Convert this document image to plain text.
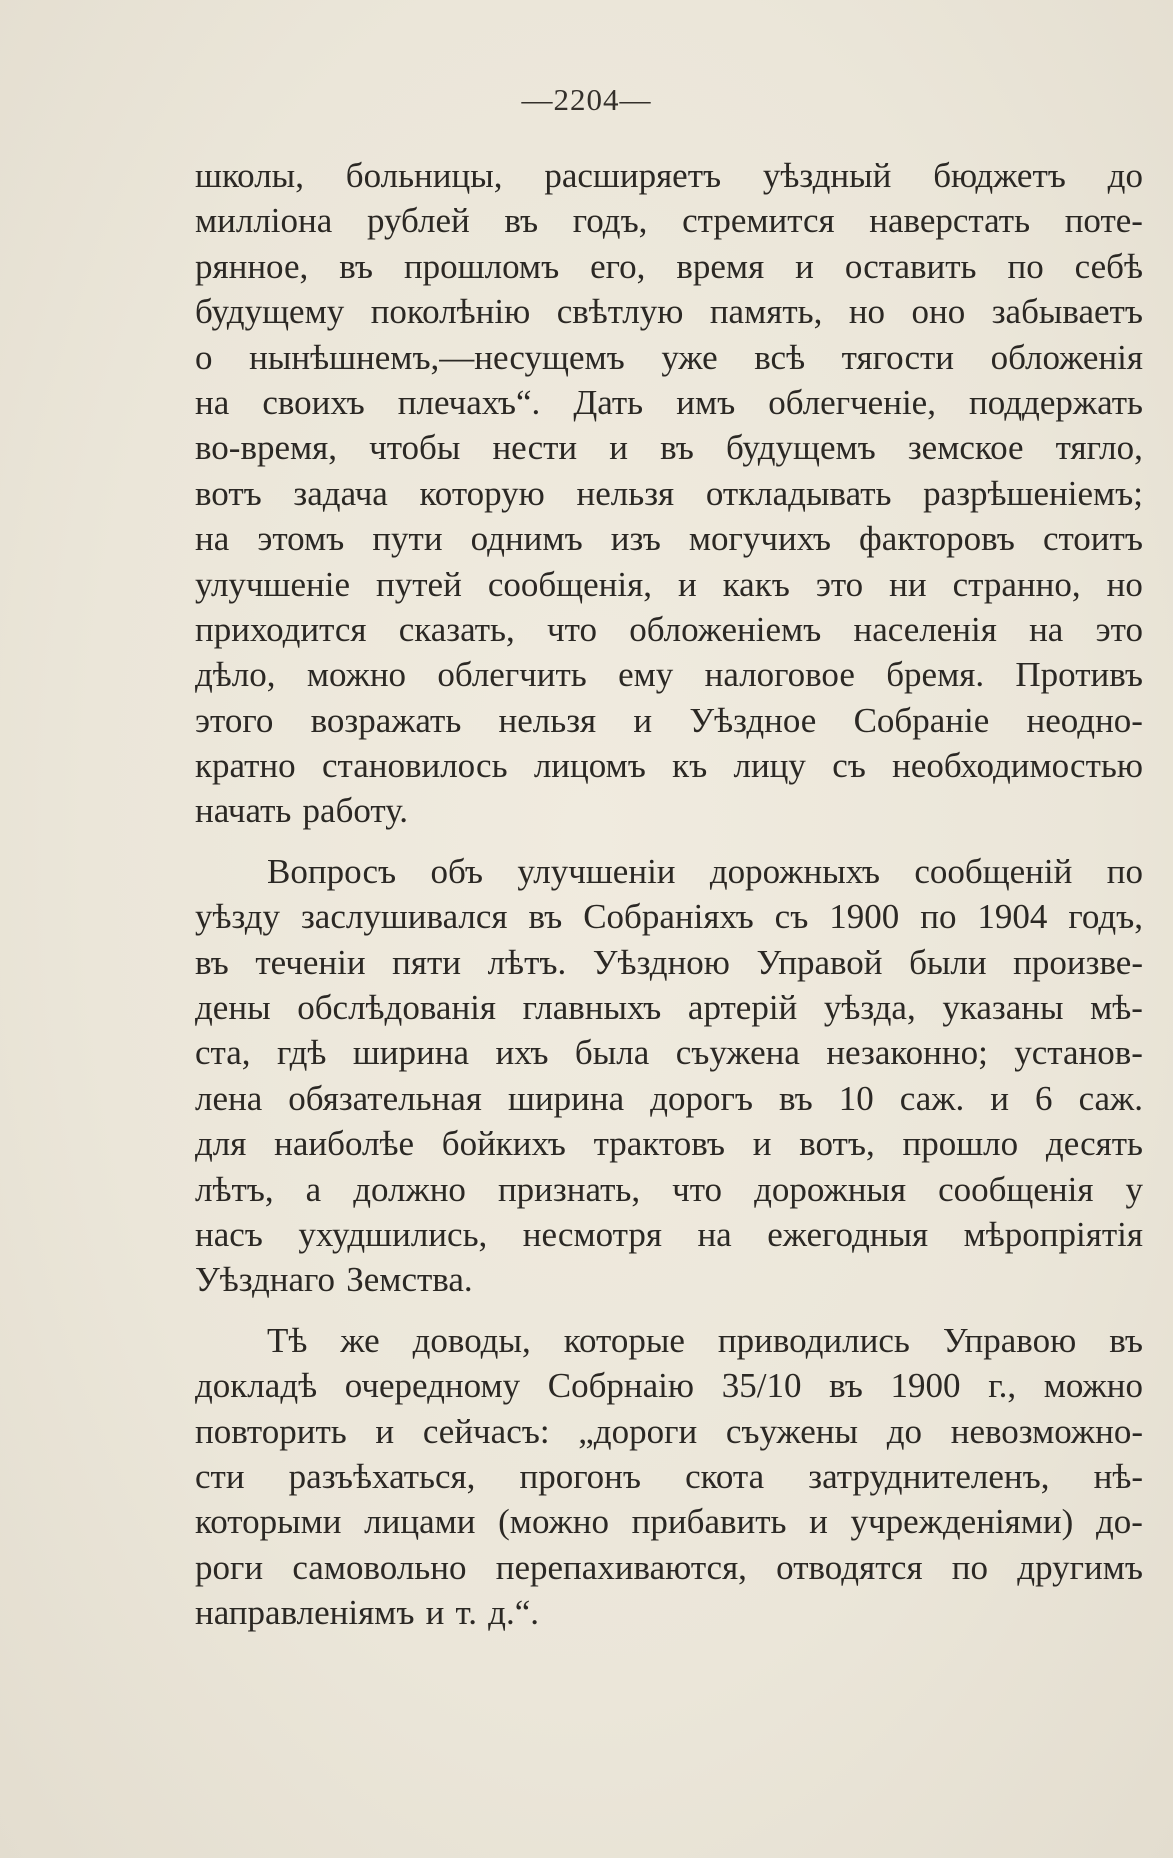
—2204—
школы, больницы, расширяетъ уѣздный бюджетъ до
милліона рублей въ годъ, стремится наверстать поте-
рянное, въ прошломъ его, время и оставить по себѣ
будущему поколѣнію свѣтлую память, но оно забываетъ
о нынѣшнемъ,—несущемъ уже всѣ тягости обложенія
на своихъ плечахъ“. Дать имъ облегченіе, поддержать
во-время, чтобы нести и въ будущемъ земское тягло,
вотъ задача которую нельзя откладывать разрѣшеніемъ;
на этомъ пути однимъ изъ могучихъ факторовъ стоитъ
улучшеніе путей сообщенія, и какъ это ни странно, но
приходится сказать, что обложеніемъ населенія на это
дѣло, можно облегчить ему налоговое бремя. Противъ
этого возражать нельзя и Уѣздное Собраніе неодно-
кратно становилось лицомъ къ лицу съ необходимостью
начать работу.
Вопросъ объ улучшеніи дорожныхъ сообщеній по
уѣзду заслушивался въ Собраніяхъ съ 1900 по 1904 годъ,
въ теченіи пяти лѣтъ. Уѣздною Управой были произве-
дены обслѣдованія главныхъ артерій уѣзда, указаны мѣ-
ста, гдѣ ширина ихъ была съужена незаконно; установ-
лена обязательная ширина дорогъ въ 10 саж. и 6 саж.
для наиболѣе бойкихъ трактовъ и вотъ, прошло десять
лѣтъ, а должно признать, что дорожныя сообщенія у
насъ ухудшились, несмотря на ежегодныя мѣропріятія
Уѣзднаго Земства.
Тѣ же доводы, которые приводились Управою въ
докладѣ очередному Собрнаію 35/10 въ 1900 г., можно
повторить и сейчасъ: „дороги съужены до невозможно-
сти разъѣхаться, прогонъ скота затруднителенъ, нѣ-
которыми лицами (можно прибавить и учрежденіями) до-
роги самовольно перепахиваются, отводятся по другимъ
направленіямъ и т. д.“.
